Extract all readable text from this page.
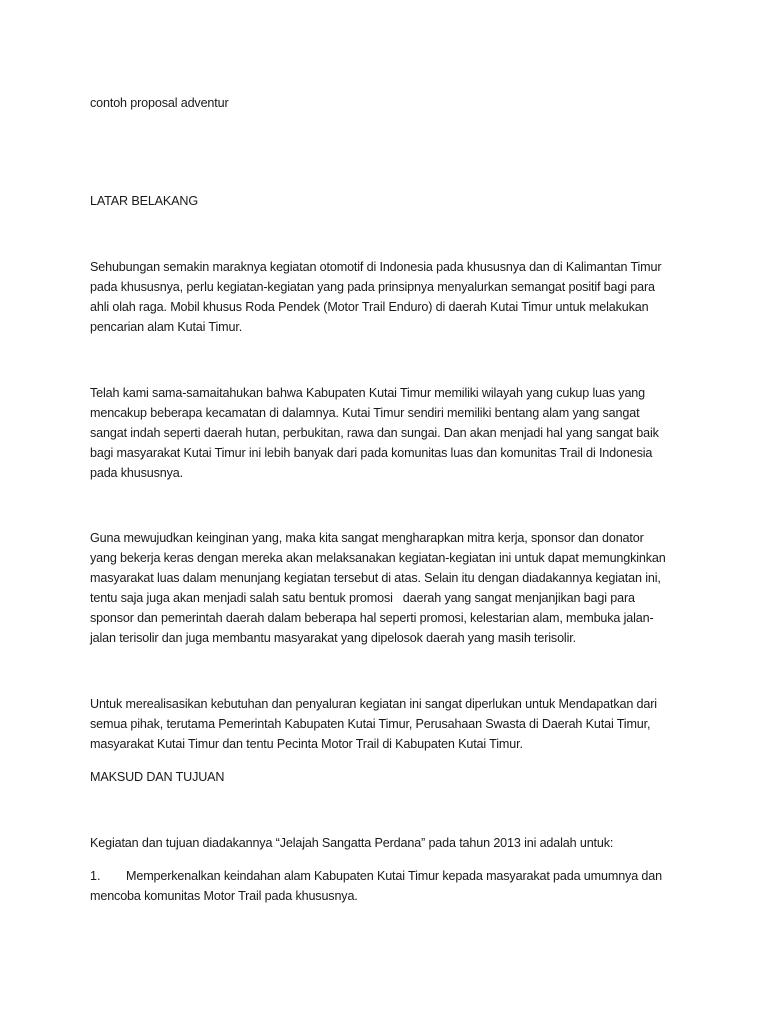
contoh proposal adventur
LATAR BELAKANG
Sehubungan semakin maraknya kegiatan otomotif di Indonesia pada khususnya dan di Kalimantan Timur
pada khususnya, perlu kegiatan-kegiatan yang pada prinsipnya menyalurkan semangat positif bagi para
ahli olah raga. Mobil khusus Roda Pendek (Motor Trail Enduro) di daerah Kutai Timur untuk melakukan
pencarian alam Kutai Timur.
Telah kami sama-samaitahukan bahwa Kabupaten Kutai Timur memiliki wilayah yang cukup luas yang
mencakup beberapa kecamatan di dalamnya. Kutai Timur sendiri memiliki bentang alam yang sangat
sangat indah seperti daerah hutan, perbukitan, rawa dan sungai. Dan akan menjadi hal yang sangat baik
bagi masyarakat Kutai Timur ini lebih banyak dari pada komunitas luas dan komunitas Trail di Indonesia
pada khususnya.
Guna mewujudkan keinginan yang, maka kita sangat mengharapkan mitra kerja, sponsor dan donator
yang bekerja keras dengan mereka akan melaksanakan kegiatan-kegiatan ini untuk dapat memungkinkan
masyarakat luas dalam menunjang kegiatan tersebut di atas. Selain itu dengan diadakannya kegiatan ini,
tentu saja juga akan menjadi salah satu bentuk promosi   daerah yang sangat menjanjikan bagi para
sponsor dan pemerintah daerah dalam beberapa hal seperti promosi, kelestarian alam, membuka jalan-
jalan terisolir dan juga membantu masyarakat yang dipelosok daerah yang masih terisolir.
Untuk merealisasikan kebutuhan dan penyaluran kegiatan ini sangat diperlukan untuk Mendapatkan dari
semua pihak, terutama Pemerintah Kabupaten Kutai Timur, Perusahaan Swasta di Daerah Kutai Timur,
masyarakat Kutai Timur dan tentu Pecinta Motor Trail di Kabupaten Kutai Timur.
MAKSUD DAN TUJUAN
Kegiatan dan tujuan diadakannya “Jelajah Sangatta Perdana” pada tahun 2013 ini adalah untuk:
1. Memperkenalkan keindahan alam Kabupaten Kutai Timur kepada masyarakat pada umumnya dan
mencoba komunitas Motor Trail pada khususnya.
